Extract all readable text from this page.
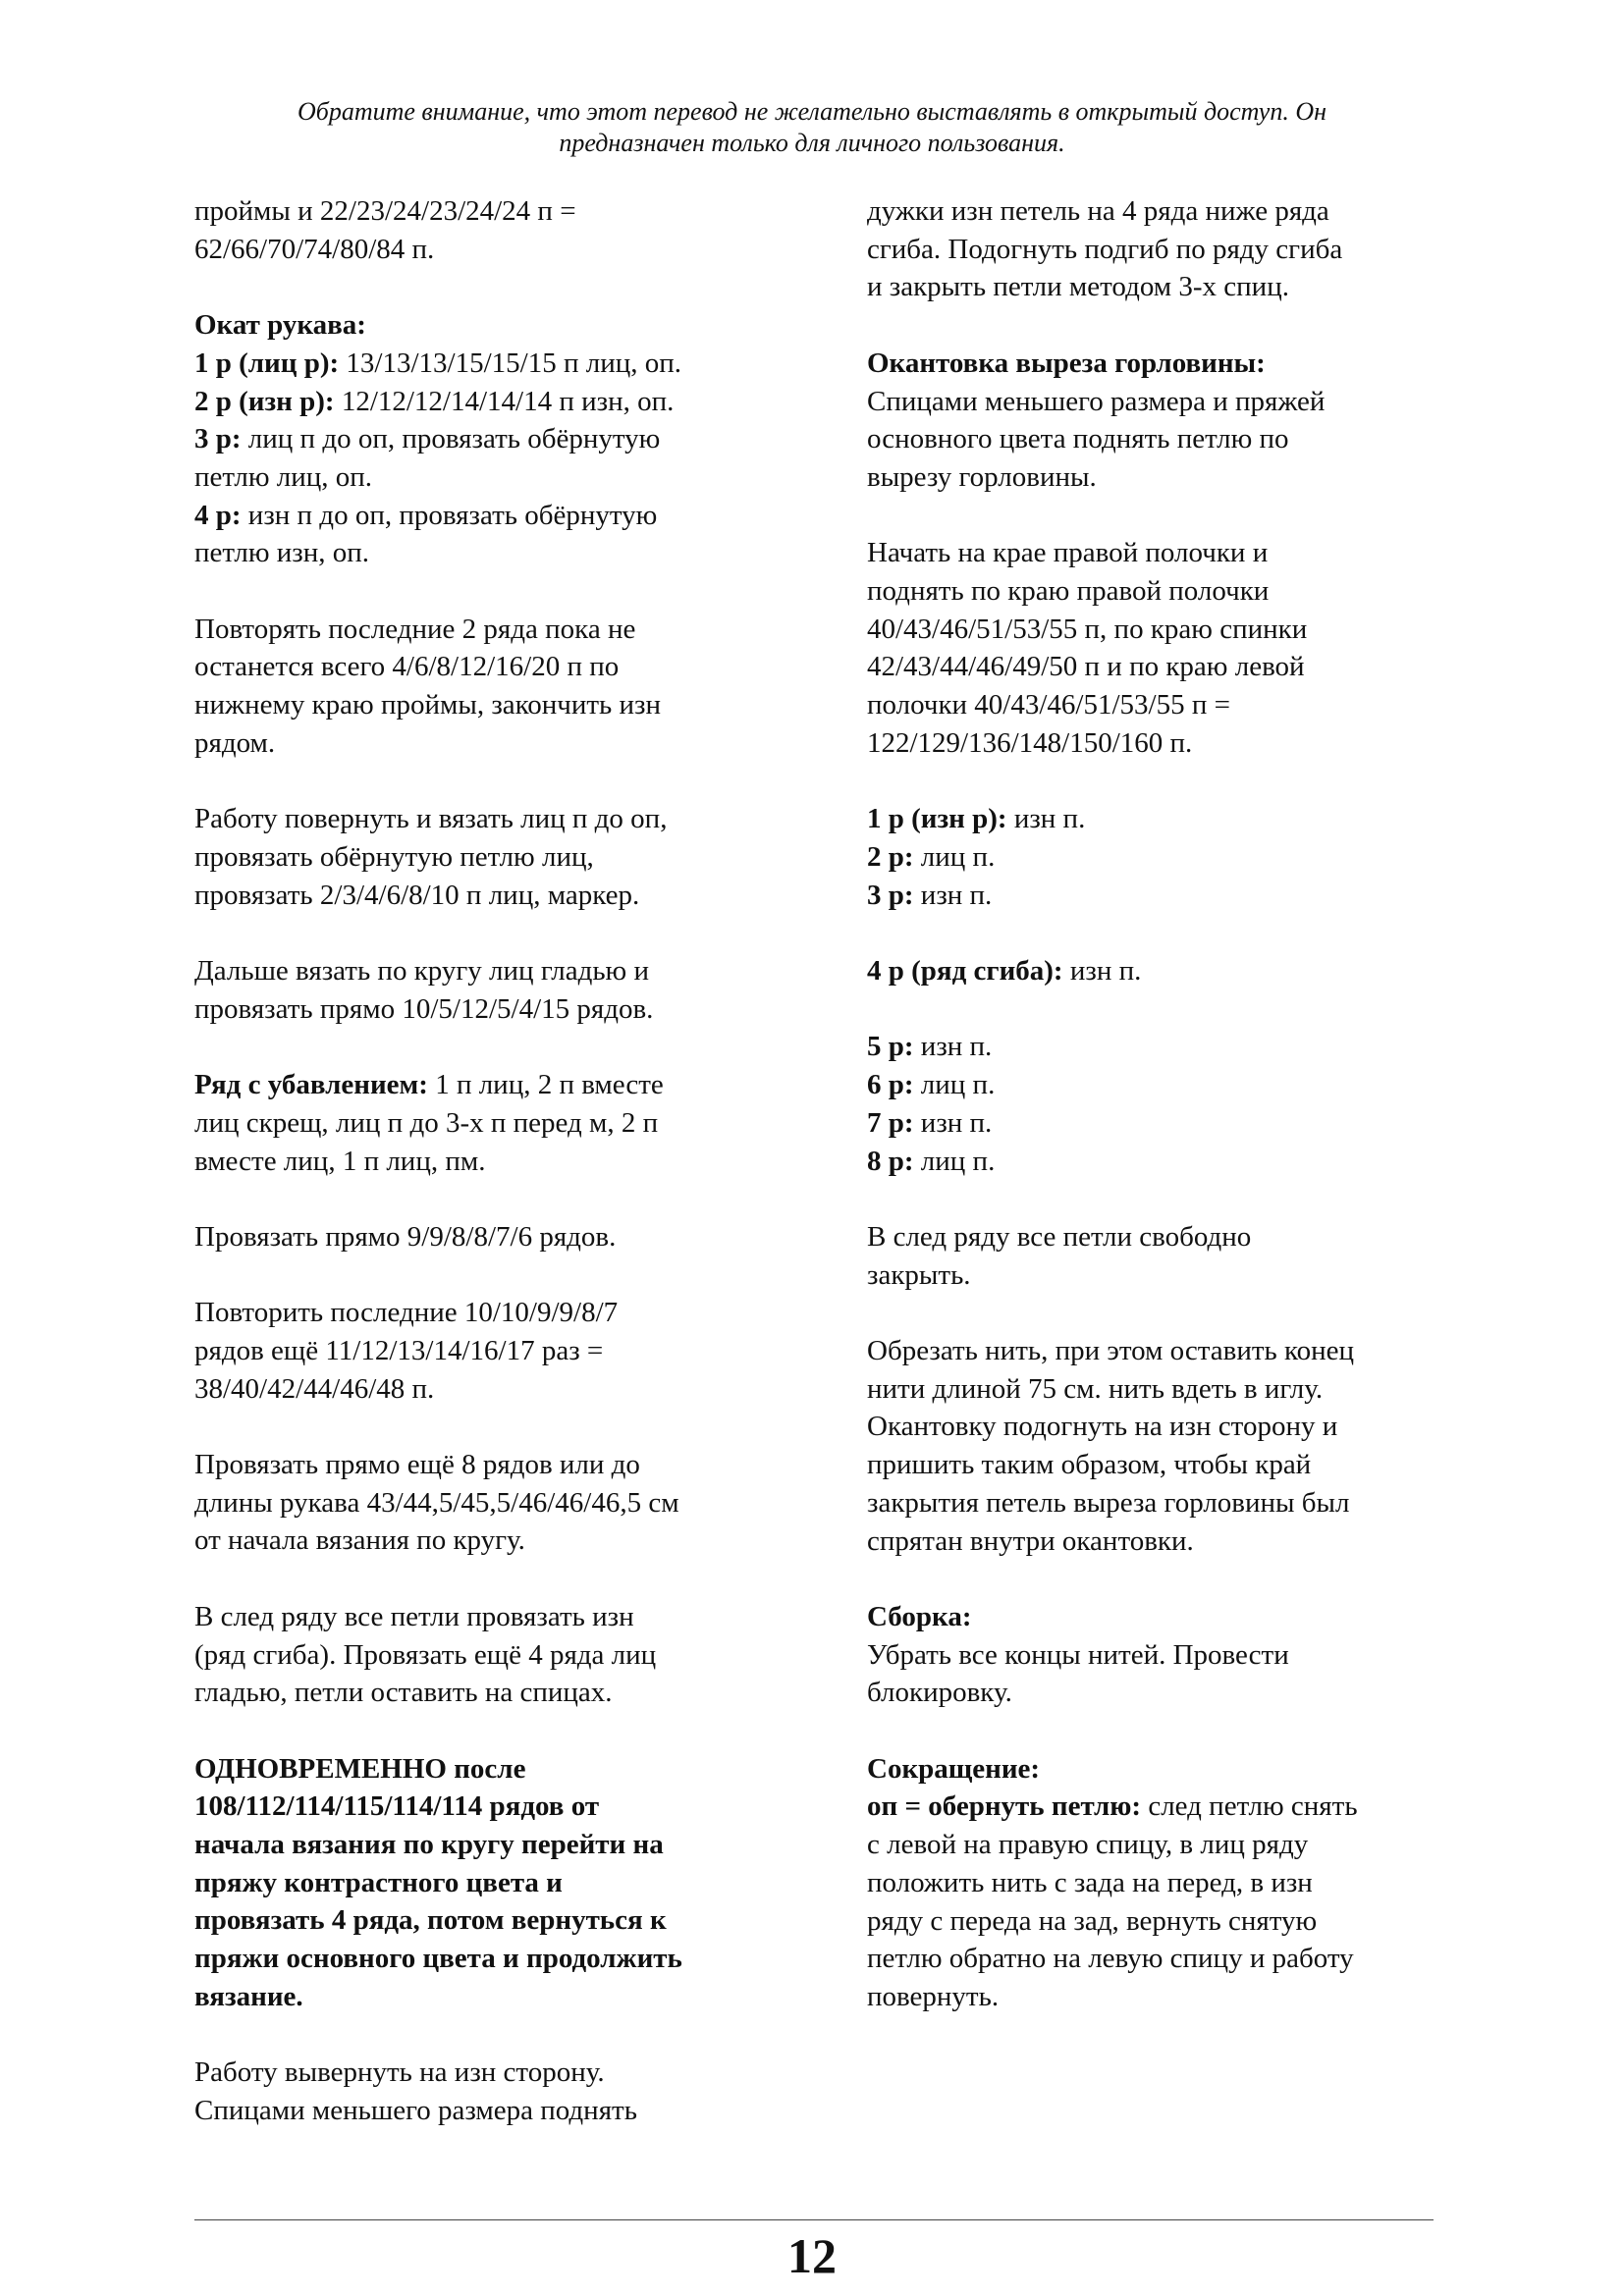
Обратите внимание, что этот перевод не желательно выставлять в открытый доступ. Он
предназначен только для личного пользования.
проймы и 22/23/24/23/24/24 п =
62/66/70/74/80/84 п.
Окат рукава:
1 р (лиц р): 13/13/13/15/15/15 п лиц, оп.
2 р (изн р): 12/12/12/14/14/14 п изн, оп.
3 р: лиц п до оп, провязать обёрнутую
петлю лиц, оп.
4 р: изн п до оп, провязать обёрнутую
петлю изн, оп.
Повторять последние 2 ряда пока не
останется всего 4/6/8/12/16/20 п по
нижнему краю проймы, закончить изн
рядом.
Работу повернуть и вязать лиц п до оп,
провязать обёрнутую петлю лиц,
провязать 2/3/4/6/8/10 п лиц, маркер.
Дальше вязать по кругу лиц гладью и
провязать прямо 10/5/12/5/4/15 рядов.
Ряд с убавлением: 1 п лиц, 2 п вместе
лиц скрещ, лиц п до 3-х п перед м, 2 п
вместе лиц, 1 п лиц, пм.
Провязать прямо 9/9/8/8/7/6 рядов.
Повторить последние 10/10/9/9/8/7
рядов ещё 11/12/13/14/16/17 раз =
38/40/42/44/46/48 п.
Провязать прямо ещё 8 рядов или до
длины рукава 43/44,5/45,5/46/46/46,5 см
от начала вязания по кругу.
В след ряду все петли провязать изн
(ряд сгиба). Провязать ещё 4 ряда лиц
гладью, петли оставить на спицах.
ОДНОВРЕМЕННО после
108/112/114/115/114/114 рядов от
начала вязания по кругу перейти на
пряжу контрастного цвета и
провязать 4 ряда, потом вернуться к
пряжи основного цвета и продолжить
вязание.
Работу вывернуть на изн сторону.
Спицами меньшего размера поднять
дужки изн петель на 4 ряда ниже ряда
сгиба. Подогнуть подгиб по ряду сгиба
и закрыть петли методом 3-х спиц.
Окантовка выреза горловины:
Спицами меньшего размера и пряжей
основного цвета поднять петлю по
вырезу горловины.
Начать на крае правой полочки и
поднять по краю правой полочки
40/43/46/51/53/55 п, по краю спинки
42/43/44/46/49/50 п и по краю левой
полочки 40/43/46/51/53/55 п =
122/129/136/148/150/160 п.
1 р (изн р): изн п.
2 р: лиц п.
3 р: изн п.
4 р (ряд сгиба): изн п.
5 р: изн п.
6 р: лиц п.
7 р: изн п.
8 р: лиц п.
В след ряду все петли свободно
закрыть.
Обрезать нить, при этом оставить конец
нити длиной 75 см. нить вдеть в иглу.
Окантовку подогнуть на изн сторону и
пришить таким образом, чтобы край
закрытия петель выреза горловины был
спрятан внутри окантовки.
Сборка:
Убрать все концы нитей. Провести
блокировку.
Сокращение:
оп = обернуть петлю: след петлю снять
с левой на правую спицу, в лиц ряду
положить нить с зада на перед, в изн
ряду с переда на зад, вернуть снятую
петлю обратно на левую спицу и работу
повернуть.
12
